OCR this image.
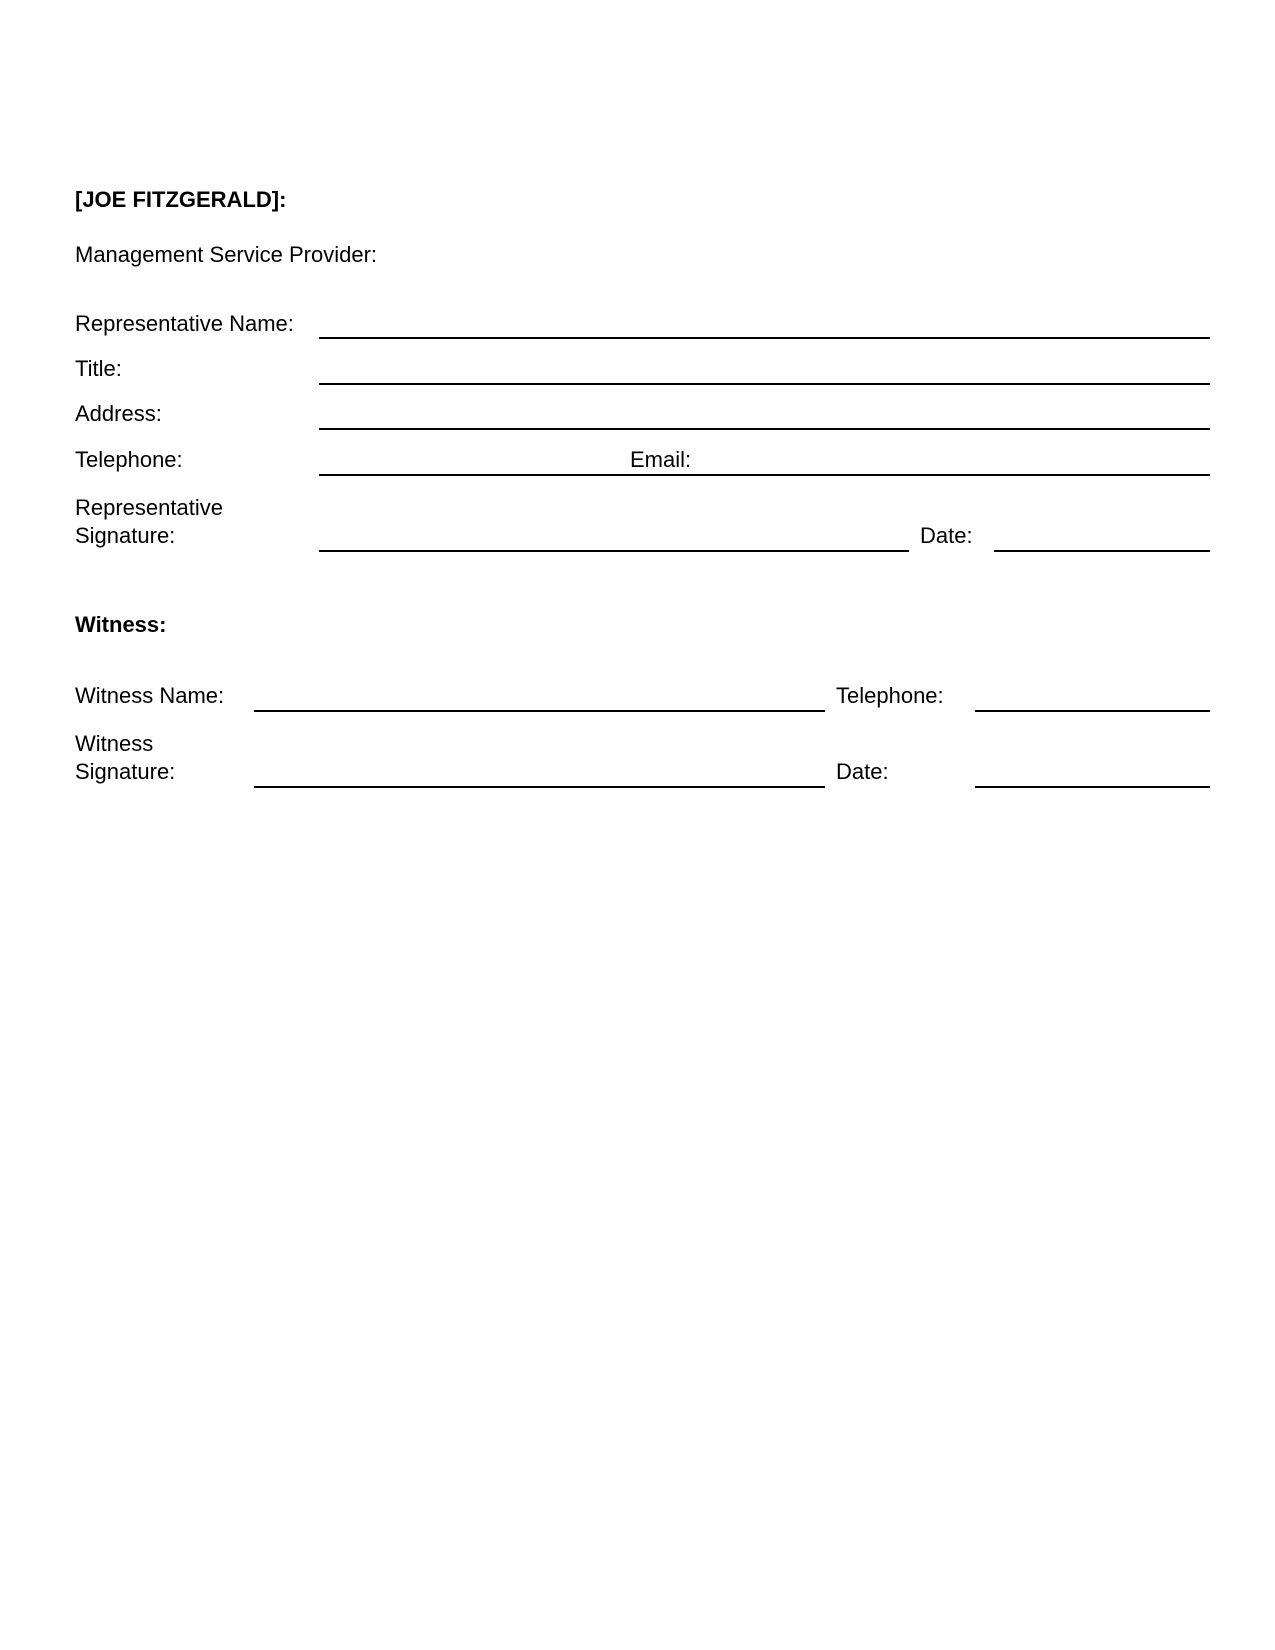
[JOE FITZGERALD]:
Management Service Provider:
Representative Name:
Title:
Address:
Telephone:	Email:
Representative
Signature:	Date:
Witness:
Witness Name:	Telephone:
Witness
Signature:	Date:
